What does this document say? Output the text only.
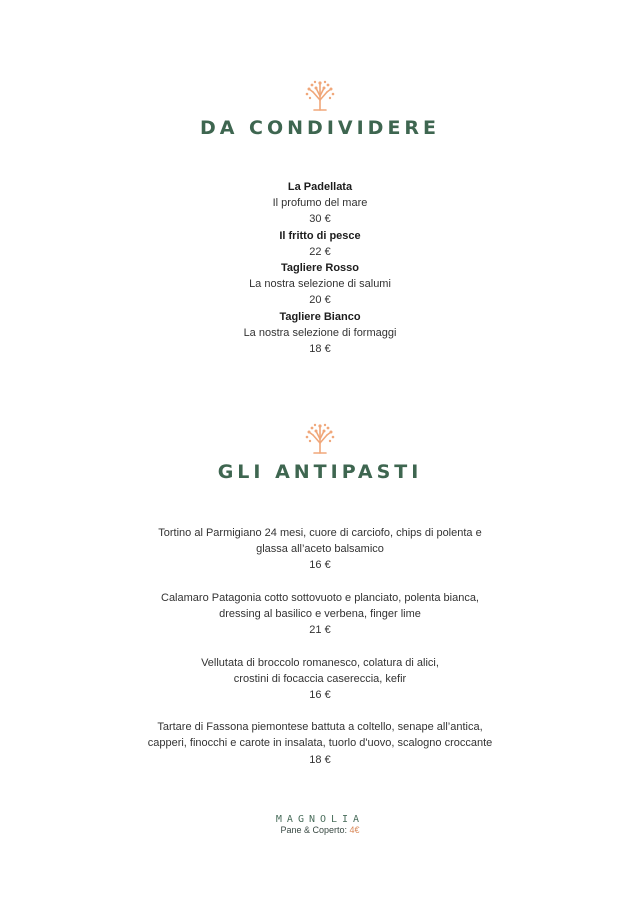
DA CONDIVIDERE
La Padellata
Il profumo del mare
30 €
Il fritto di pesce
22 €
Tagliere Rosso
La nostra selezione di salumi
20 €
Tagliere Bianco
La nostra selezione di formaggi
18 €
GLI ANTIPASTI
Tortino al Parmigiano 24 mesi, cuore di carciofo, chips di polenta e
glassa all’aceto balsamico
16 €
Calamaro Patagonia cotto sottovuoto e planciato, polenta bianca,
dressing al basilico e verbena, finger lime
21 €
Vellutata di broccolo romanesco, colatura di alici,
crostini di focaccia casereccia, kefir
16 €
Tartare di Fassona piemontese battuta a coltello, senape all’antica,
capperi, finocchi e carote in insalata, tuorlo d'uovo, scalogno croccante
18 €
MAGNOLIA
Pane & Coperto: 4€
